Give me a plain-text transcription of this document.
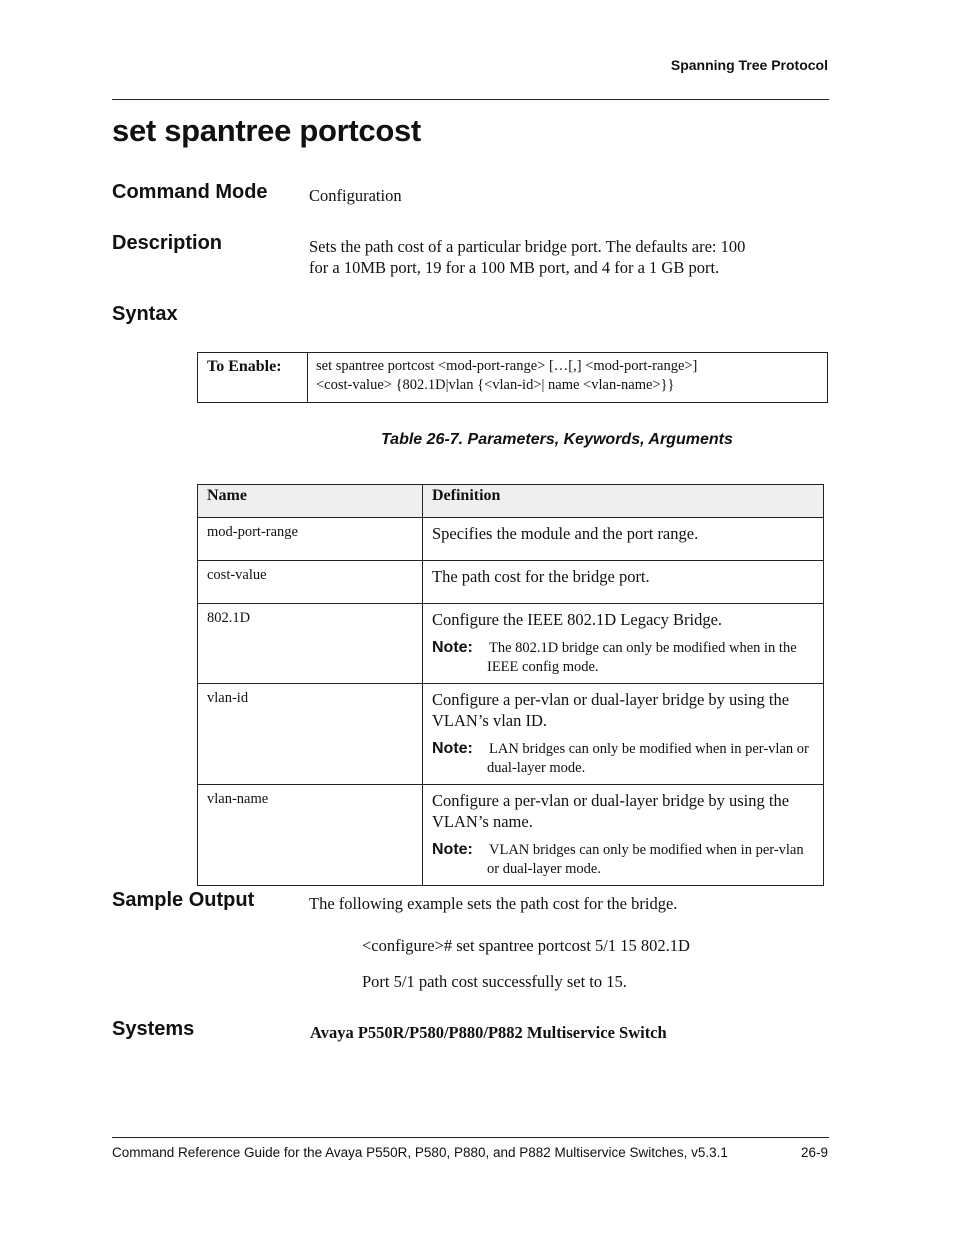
Spanning Tree Protocol
set spantree portcost
Command Mode	Configuration
Description	Sets the path cost of a particular bridge port. The defaults are: 100
for a 10MB port, 19 for a 100 MB port, and 4 for a 1 GB port.
Syntax
To Enable:	set spantree portcost <mod-port-range> […[,] <mod-port-range>]
<cost-value> {802.1D|vlan {<vlan-id>| name <vlan-name>}}
Table 26-7. Parameters, Keywords, Arguments
Name	Definition
mod-port-range	Specifies the module and the port range.
cost-value	The path cost for the bridge port.
802.1D	Configure the IEEE 802.1D Legacy Bridge.
Note: The 802.1D bridge can only be modified when in the IEEE config mode.

vlan-id	Configure a per-vlan or dual-layer bridge by using the VLAN’s vlan ID.
Note: LAN bridges can only be modified when in per-vlan or dual-layer mode.

vlan-name	Configure a per-vlan or dual-layer bridge by using the VLAN’s name.
Note: VLAN bridges can only be modified when in per-vlan or dual-layer mode.
Sample Output	The following example sets the path cost for the bridge.
<configure># set spantree portcost 5/1 15 802.1D
Port 5/1 path cost successfully set to 15.
Systems	Avaya P550R/P580/P880/P882 Multiservice Switch
Command Reference Guide for the Avaya P550R, P580, P880, and P882 Multiservice Switches, v5.3.1	26-9
